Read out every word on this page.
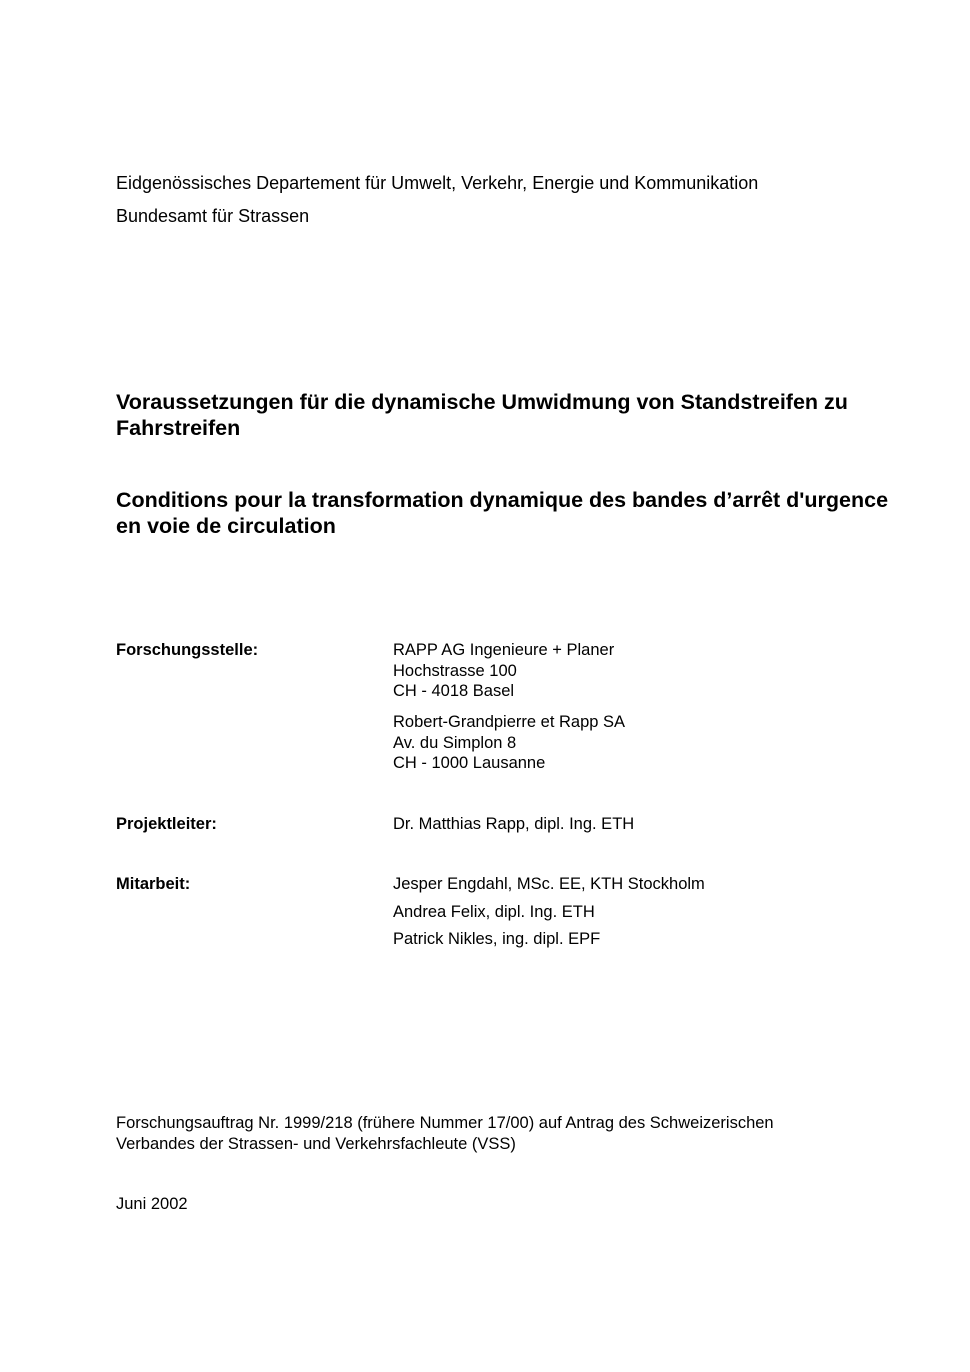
Eidgenössisches Departement für Umwelt, Verkehr, Energie und Kommunikation
Bundesamt für Strassen
Voraussetzungen für die dynamische Umwidmung von Standstreifen zu Fahrstreifen
Conditions pour la transformation dynamique des bandes d’arrêt d'urgence en voie de circulation
Forschungsstelle:	RAPP AG Ingenieure + Planer
Hochstrasse 100
CH - 4018 Basel
Robert-Grandpierre et Rapp SA
Av. du Simplon 8
CH - 1000 Lausanne
Projektleiter:	Dr. Matthias Rapp, dipl. Ing. ETH
Mitarbeit:	Jesper Engdahl, MSc. EE, KTH Stockholm
Andrea Felix, dipl. Ing. ETH
Patrick Nikles, ing. dipl. EPF
Forschungsauftrag Nr. 1999/218 (frühere Nummer 17/00) auf Antrag des Schweizerischen
Verbandes der Strassen- und Verkehrsfachleute (VSS)
Juni 2002
